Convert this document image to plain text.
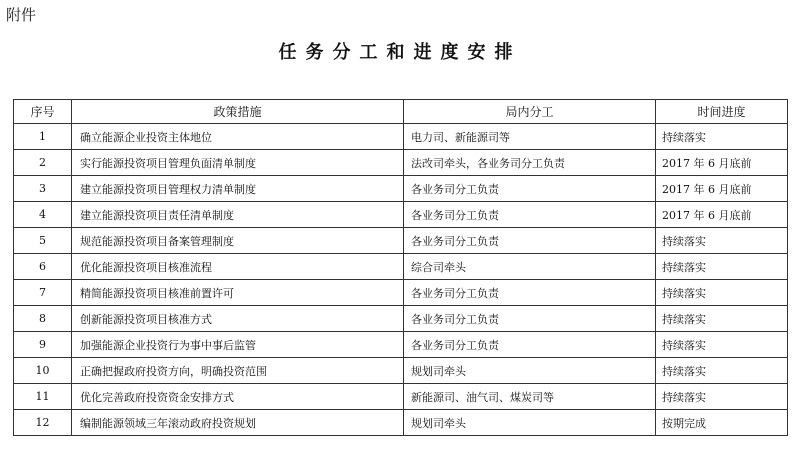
附件
任务分工和进度安排
序号	政策措施	局内分工	时间进度
1	确立能源企业投资主体地位	电力司、新能源司等	持续落实
2	实行能源投资项目管理负面清单制度	法改司牵头，各业务司分工负责	2017 年 6 月底前
3	建立能源投资项目管理权力清单制度	各业务司分工负责	2017 年 6 月底前
4	建立能源投资项目责任清单制度	各业务司分工负责	2017 年 6 月底前
5	规范能源投资项目备案管理制度	各业务司分工负责	持续落实
6	优化能源投资项目核准流程	综合司牵头	持续落实
7	精简能源投资项目核准前置许可	各业务司分工负责	持续落实
8	创新能源投资项目核准方式	各业务司分工负责	持续落实
9	加强能源企业投资行为事中事后监管	各业务司分工负责	持续落实
10	正确把握政府投资方向，明确投资范围	规划司牵头	持续落实
11	优化完善政府投资资金安排方式	新能源司、油气司、煤炭司等	持续落实
12	编制能源领域三年滚动政府投资规划	规划司牵头	按期完成
